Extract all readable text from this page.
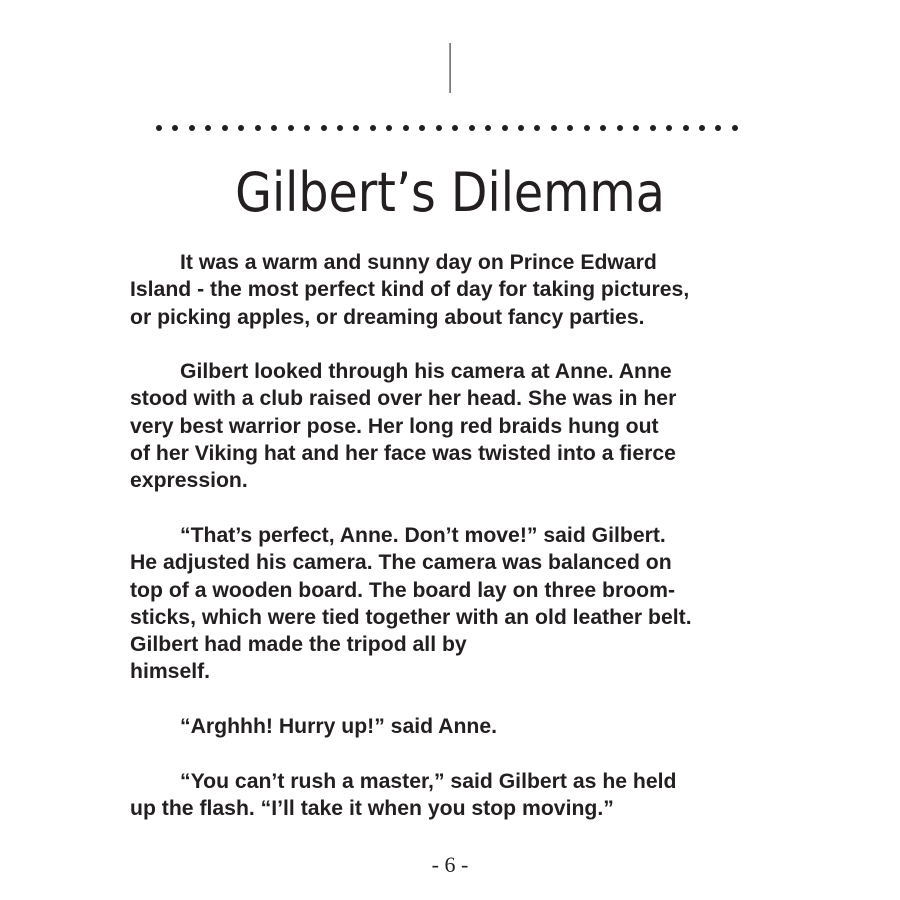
|
Gilbert’s Dilemma

It was a warm and sunny day on Prince Edward
Island - the most perfect kind of day for taking pictures,
or picking apples, or dreaming about fancy parties.

Gilbert looked through his camera at Anne. Anne
stood with a club raised over her head. She was in her
very best warrior pose. Her long red braids hung out
of her Viking hat and her face was twisted into a fierce
expression.

“That’s perfect, Anne. Don’t move!” said Gilbert.
He adjusted his camera. The camera was balanced on
top of a wooden board. The board lay on three broom-
sticks, which were tied together with an old leather belt.
Gilbert had made the tripod all by
himself.

“Arghhh! Hurry up!” said Anne.

“You can’t rush a master,” said Gilbert as he held
up the flash. “I’ll take it when you stop moving.”

- 6 -
